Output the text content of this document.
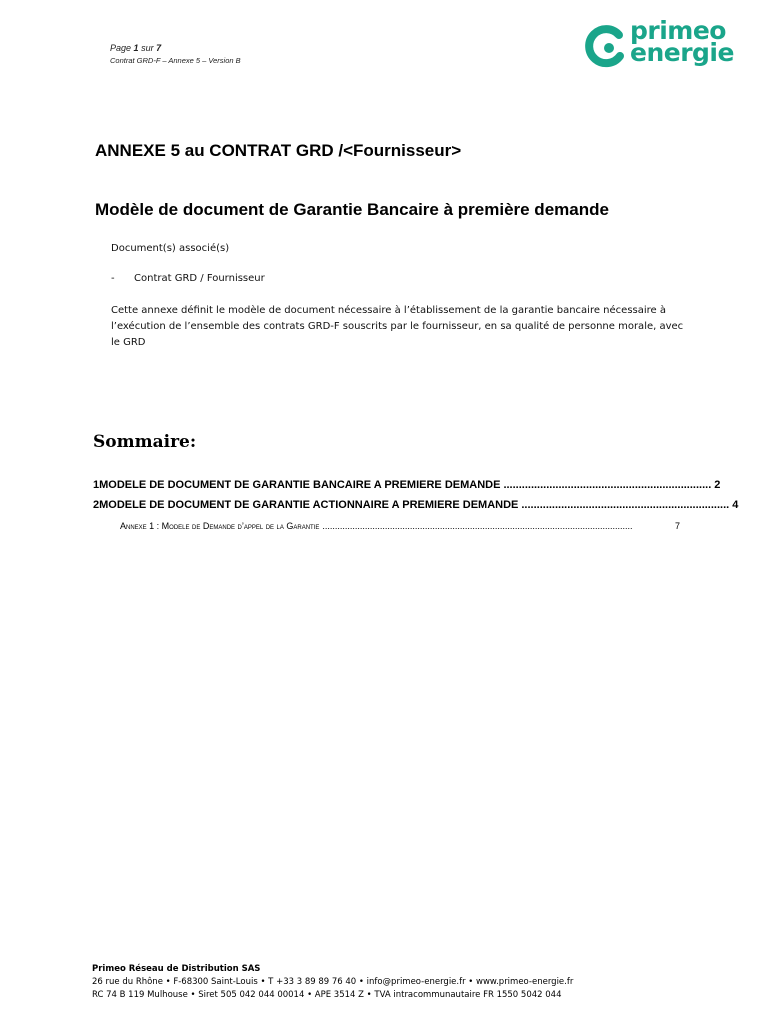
Page 1 sur 7
Contrat GRD-F – Annexe 5 – Version B
primeo
energie
ANNEXE 5 au CONTRAT GRD /<Fournisseur>
Modèle de document de Garantie Bancaire à première demande
Document(s) associé(s)
- Contrat GRD / Fournisseur
Cette annexe définit le modèle de document nécessaire à l’établissement de la garantie bancaire nécessaire à l’exécution de l’ensemble des contrats GRD-F souscrits par le fournisseur, en sa qualité de personne morale, avec le GRD
Sommaire:
1 MODELE DE DOCUMENT DE GARANTIE BANCAIRE A PREMIERE DEMANDE .................................................................... 2
2 MODELE DE DOCUMENT DE GARANTIE ACTIONNAIRE A PREMIERE DEMANDE .................................................................... 4
Annexe 1 : Modele de Demande d’appel de la Garantie ............................................................................................................................	7
Primeo Réseau de Distribution SAS
26 rue du Rhône • F-68300 Saint-Louis • T +33 3 89 89 76 40 • info@primeo-energie.fr • www.primeo-energie.fr
RC 74 B 119 Mulhouse • Siret 505 042 044 00014 • APE 3514 Z • TVA intracommunautaire FR 1550 5042 044
